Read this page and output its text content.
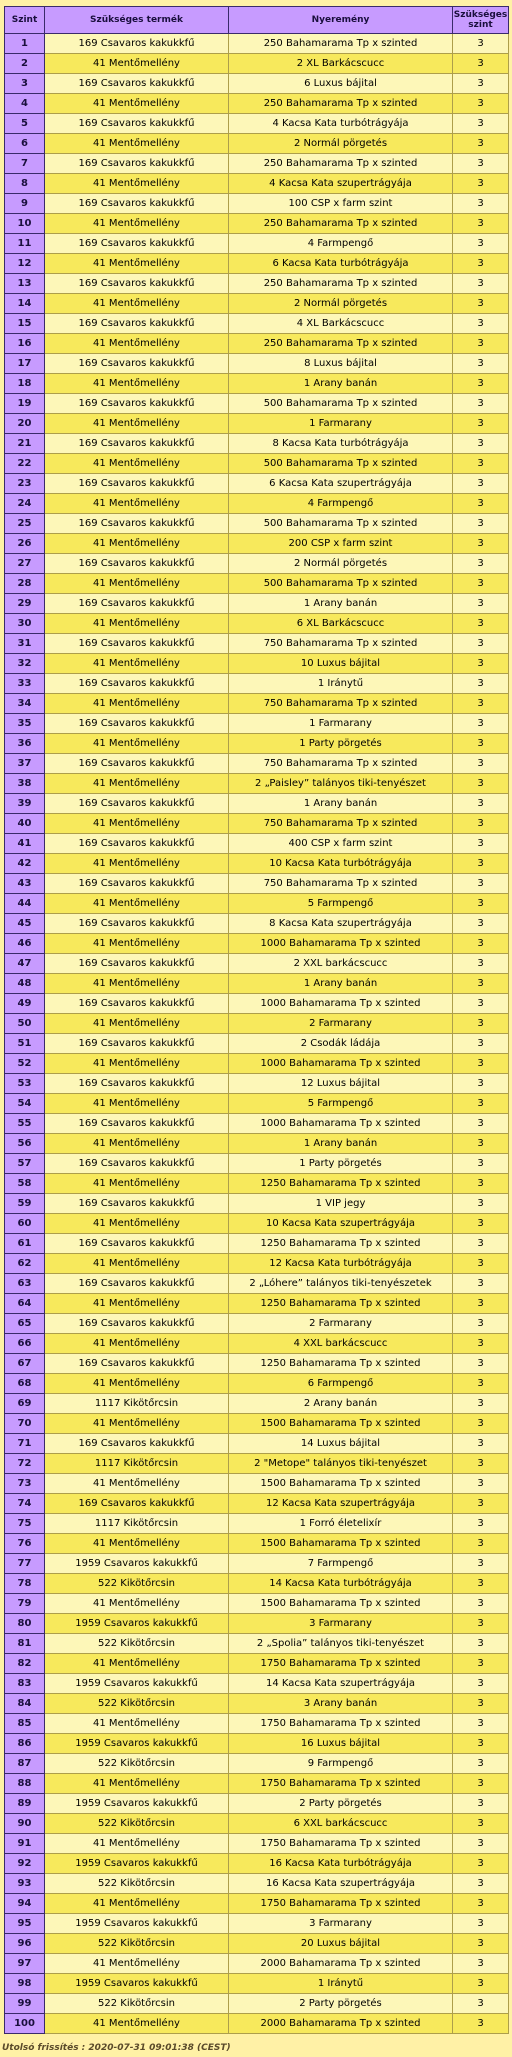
Szint	Szükséges termék	Nyeremény	Szükséges szint
1	169 Csavaros kakukkfű	250 Bahamarama Tp x szinted	3
2	41 Mentőmellény	2 XL Barkácscucc	3
3	169 Csavaros kakukkfű	6 Luxus bájital	3
4	41 Mentőmellény	250 Bahamarama Tp x szinted	3
5	169 Csavaros kakukkfű	4 Kacsa Kata turbótrágyája	3
6	41 Mentőmellény	2 Normál pörgetés	3
7	169 Csavaros kakukkfű	250 Bahamarama Tp x szinted	3
8	41 Mentőmellény	4 Kacsa Kata szupertrágyája	3
9	169 Csavaros kakukkfű	100 CSP x farm szint	3
10	41 Mentőmellény	250 Bahamarama Tp x szinted	3
11	169 Csavaros kakukkfű	4 Farmpengő	3
12	41 Mentőmellény	6 Kacsa Kata turbótrágyája	3
13	169 Csavaros kakukkfű	250 Bahamarama Tp x szinted	3
14	41 Mentőmellény	2 Normál pörgetés	3
15	169 Csavaros kakukkfű	4 XL Barkácscucc	3
16	41 Mentőmellény	250 Bahamarama Tp x szinted	3
17	169 Csavaros kakukkfű	8 Luxus bájital	3
18	41 Mentőmellény	1 Arany banán	3
19	169 Csavaros kakukkfű	500 Bahamarama Tp x szinted	3
20	41 Mentőmellény	1 Farmarany	3
21	169 Csavaros kakukkfű	8 Kacsa Kata turbótrágyája	3
22	41 Mentőmellény	500 Bahamarama Tp x szinted	3
23	169 Csavaros kakukkfű	6 Kacsa Kata szupertrágyája	3
24	41 Mentőmellény	4 Farmpengő	3
25	169 Csavaros kakukkfű	500 Bahamarama Tp x szinted	3
26	41 Mentőmellény	200 CSP x farm szint	3
27	169 Csavaros kakukkfű	2 Normál pörgetés	3
28	41 Mentőmellény	500 Bahamarama Tp x szinted	3
29	169 Csavaros kakukkfű	1 Arany banán	3
30	41 Mentőmellény	6 XL Barkácscucc	3
31	169 Csavaros kakukkfű	750 Bahamarama Tp x szinted	3
32	41 Mentőmellény	10 Luxus bájital	3
33	169 Csavaros kakukkfű	1 Iránytű	3
34	41 Mentőmellény	750 Bahamarama Tp x szinted	3
35	169 Csavaros kakukkfű	1 Farmarany	3
36	41 Mentőmellény	1 Party pörgetés	3
37	169 Csavaros kakukkfű	750 Bahamarama Tp x szinted	3
38	41 Mentőmellény	2 „Paisley” talányos tiki-tenyészet	3
39	169 Csavaros kakukkfű	1 Arany banán	3
40	41 Mentőmellény	750 Bahamarama Tp x szinted	3
41	169 Csavaros kakukkfű	400 CSP x farm szint	3
42	41 Mentőmellény	10 Kacsa Kata turbótrágyája	3
43	169 Csavaros kakukkfű	750 Bahamarama Tp x szinted	3
44	41 Mentőmellény	5 Farmpengő	3
45	169 Csavaros kakukkfű	8 Kacsa Kata szupertrágyája	3
46	41 Mentőmellény	1000 Bahamarama Tp x szinted	3
47	169 Csavaros kakukkfű	2 XXL barkácscucc	3
48	41 Mentőmellény	1 Arany banán	3
49	169 Csavaros kakukkfű	1000 Bahamarama Tp x szinted	3
50	41 Mentőmellény	2 Farmarany	3
51	169 Csavaros kakukkfű	2 Csodák ládája	3
52	41 Mentőmellény	1000 Bahamarama Tp x szinted	3
53	169 Csavaros kakukkfű	12 Luxus bájital	3
54	41 Mentőmellény	5 Farmpengő	3
55	169 Csavaros kakukkfű	1000 Bahamarama Tp x szinted	3
56	41 Mentőmellény	1 Arany banán	3
57	169 Csavaros kakukkfű	1 Party pörgetés	3
58	41 Mentőmellény	1250 Bahamarama Tp x szinted	3
59	169 Csavaros kakukkfű	1 VIP jegy	3
60	41 Mentőmellény	10 Kacsa Kata szupertrágyája	3
61	169 Csavaros kakukkfű	1250 Bahamarama Tp x szinted	3
62	41 Mentőmellény	12 Kacsa Kata turbótrágyája	3
63	169 Csavaros kakukkfű	2 „Lóhere” talányos tiki-tenyészetek	3
64	41 Mentőmellény	1250 Bahamarama Tp x szinted	3
65	169 Csavaros kakukkfű	2 Farmarany	3
66	41 Mentőmellény	4 XXL barkácscucc	3
67	169 Csavaros kakukkfű	1250 Bahamarama Tp x szinted	3
68	41 Mentőmellény	6 Farmpengő	3
69	1117 Kikötőrcsin	2 Arany banán	3
70	41 Mentőmellény	1500 Bahamarama Tp x szinted	3
71	169 Csavaros kakukkfű	14 Luxus bájital	3
72	1117 Kikötőrcsin	2 "Metope" talányos tiki-tenyészet	3
73	41 Mentőmellény	1500 Bahamarama Tp x szinted	3
74	169 Csavaros kakukkfű	12 Kacsa Kata szupertrágyája	3
75	1117 Kikötőrcsin	1 Forró életelixír	3
76	41 Mentőmellény	1500 Bahamarama Tp x szinted	3
77	1959 Csavaros kakukkfű	7 Farmpengő	3
78	522 Kikötőrcsin	14 Kacsa Kata turbótrágyája	3
79	41 Mentőmellény	1500 Bahamarama Tp x szinted	3
80	1959 Csavaros kakukkfű	3 Farmarany	3
81	522 Kikötőrcsin	2 „Spolia” talányos tiki-tenyészet	3
82	41 Mentőmellény	1750 Bahamarama Tp x szinted	3
83	1959 Csavaros kakukkfű	14 Kacsa Kata szupertrágyája	3
84	522 Kikötőrcsin	3 Arany banán	3
85	41 Mentőmellény	1750 Bahamarama Tp x szinted	3
86	1959 Csavaros kakukkfű	16 Luxus bájital	3
87	522 Kikötőrcsin	9 Farmpengő	3
88	41 Mentőmellény	1750 Bahamarama Tp x szinted	3
89	1959 Csavaros kakukkfű	2 Party pörgetés	3
90	522 Kikötőrcsin	6 XXL barkácscucc	3
91	41 Mentőmellény	1750 Bahamarama Tp x szinted	3
92	1959 Csavaros kakukkfű	16 Kacsa Kata turbótrágyája	3
93	522 Kikötőrcsin	16 Kacsa Kata szupertrágyája	3
94	41 Mentőmellény	1750 Bahamarama Tp x szinted	3
95	1959 Csavaros kakukkfű	3 Farmarany	3
96	522 Kikötőrcsin	20 Luxus bájital	3
97	41 Mentőmellény	2000 Bahamarama Tp x szinted	3
98	1959 Csavaros kakukkfű	1 Iránytű	3
99	522 Kikötőrcsin	2 Party pörgetés	3
100	41 Mentőmellény	2000 Bahamarama Tp x szinted	3
Utolsó frissítés : 2020-07-31 09:01:38 (CEST)
